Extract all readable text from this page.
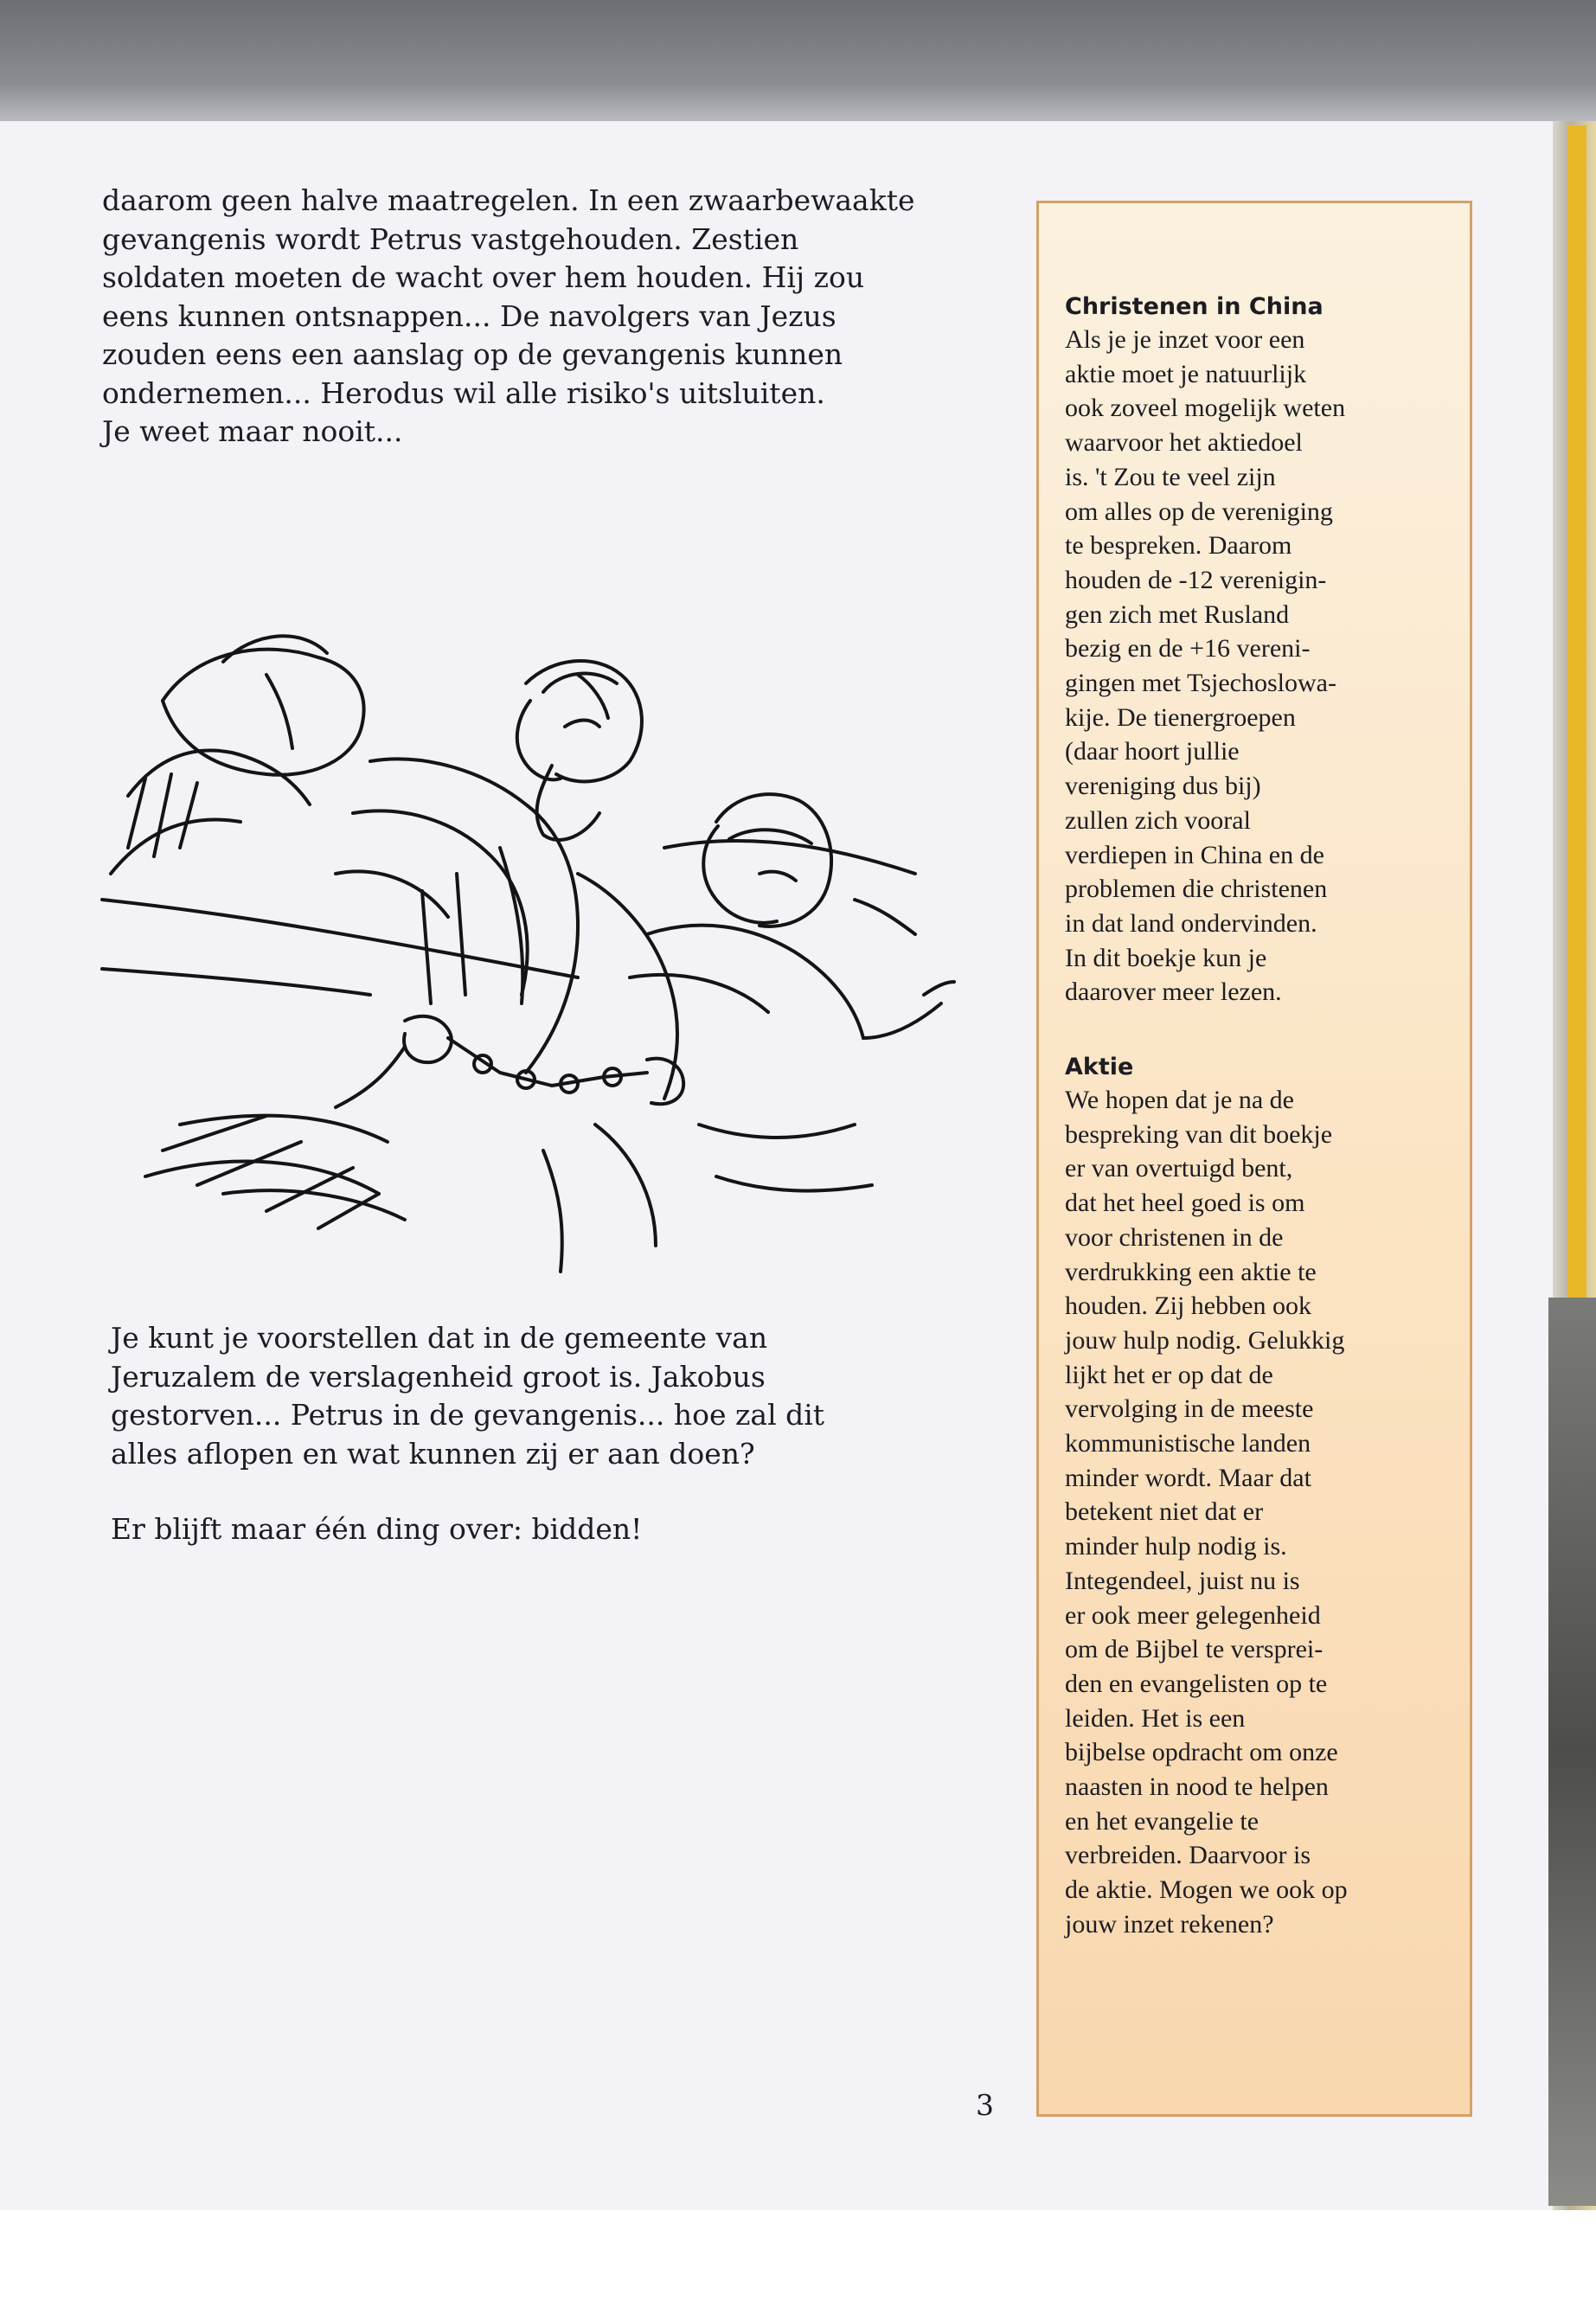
daarom geen halve maatregelen. In een zwaarbewaakte
gevangenis wordt Petrus vastgehouden. Zestien
soldaten moeten de wacht over hem houden. Hij zou
eens kunnen ontsnappen... De navolgers van Jezus
zouden eens een aanslag op de gevangenis kunnen
ondernemen... Herodus wil alle risiko's uitsluiten.
Je weet maar nooit...

Je kunt je voorstellen dat in de gemeente van
Jeruzalem de verslagenheid groot is. Jakobus
gestorven... Petrus in de gevangenis... hoe zal dit
alles aflopen en wat kunnen zij er aan doen?

Er blijft maar één ding over: bidden!

3
Christenen in China

Als je je inzet voor een
aktie moet je natuurlijk
ook zoveel mogelijk weten
waarvoor het aktiedoel
is. 't Zou te veel zijn
om alles op de vereniging
te bespreken. Daarom
houden de -12 verenigin-
gen zich met Rusland
bezig en de +16 vereni-
gingen met Tsjechoslowa-
kije. De tienergroepen
(daar hoort jullie
vereniging dus bij)
zullen zich vooral
verdiepen in China en de
problemen die christenen
in dat land ondervinden.
In dit boekje kun je
daarover meer lezen.

Aktie

We hopen dat je na de
bespreking van dit boekje
er van overtuigd bent,
dat het heel goed is om
voor christenen in de
verdrukking een aktie te
houden. Zij hebben ook
jouw hulp nodig. Gelukkig
lijkt het er op dat de
vervolging in de meeste
kommunistische landen
minder wordt. Maar dat
betekent niet dat er
minder hulp nodig is.
Integendeel, juist nu is
er ook meer gelegenheid
om de Bijbel te versprei-
den en evangelisten op te
leiden. Het is een
bijbelse opdracht om onze
naasten in nood te helpen
en het evangelie te
verbreiden. Daarvoor is
de aktie. Mogen we ook op
jouw inzet rekenen?
